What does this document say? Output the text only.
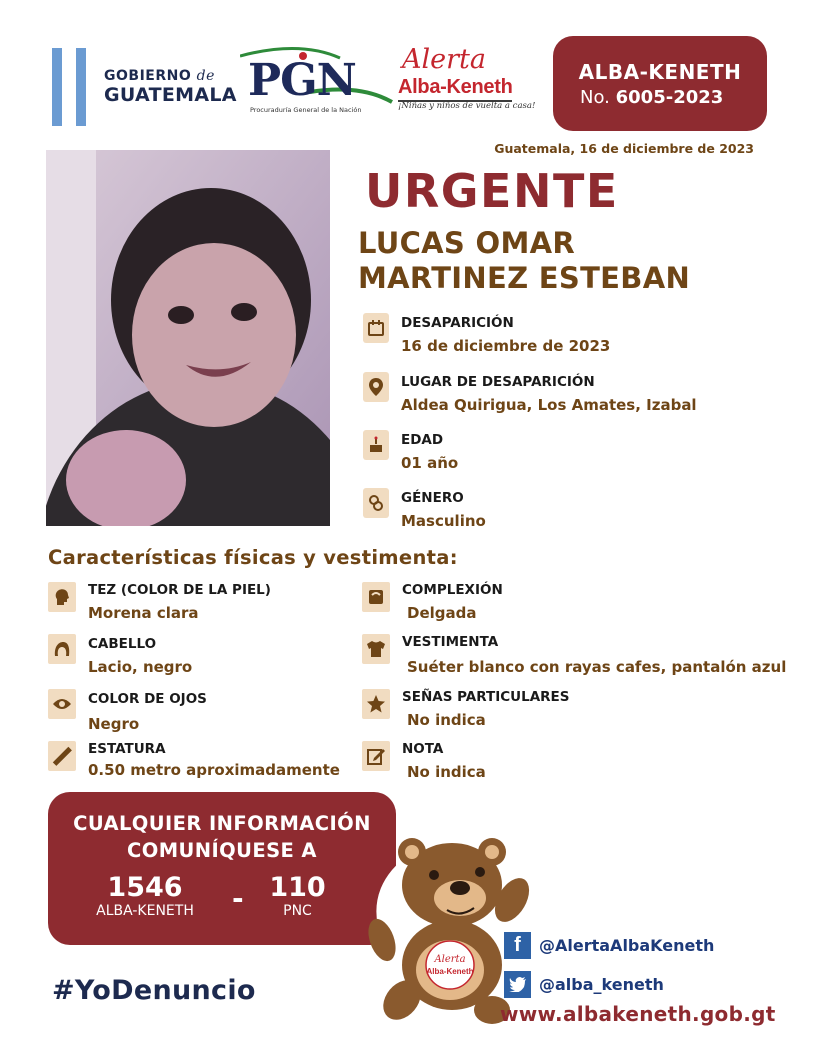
GOBIERNO de
GUATEMALA PGN
Procuraduría General de la Nación
Alerta
Alba-Keneth
¡Niñas y niños de vuelta a casa!
ALBA-KENETH
No. 6005-2023
Guatemala, 16 de diciembre de 2023
URGENTE
LUCAS OMAR
MARTINEZ ESTEBAN
DESAPARICIÓN
16 de diciembre de 2023
LUGAR DE DESAPARICIÓN
Aldea Quirigua, Los Amates, Izabal
EDAD
01 año
GÉNERO
Masculino
Características físicas y vestimenta:
TEZ (COLOR DE LA PIEL)
Morena clara
CABELLO
Lacio, negro
COLOR DE OJOS
Negro
ESTATURA
0.50 metro aproximadamente
COMPLEXIÓN
Delgada
VESTIMENTA
Suéter blanco con rayas cafes, pantalón azul
SEÑAS PARTICULARES
No indica
NOTA
No indica
CUALQUIER INFORMACIÓN
COMUNÍQUESE A
1546
ALBA-KENETH	- 110
PNC
#YoDenuncio
Alerta
Alba-Keneth
f @AlertaAlbaKeneth
@alba_keneth
www.albakeneth.gob.gt
